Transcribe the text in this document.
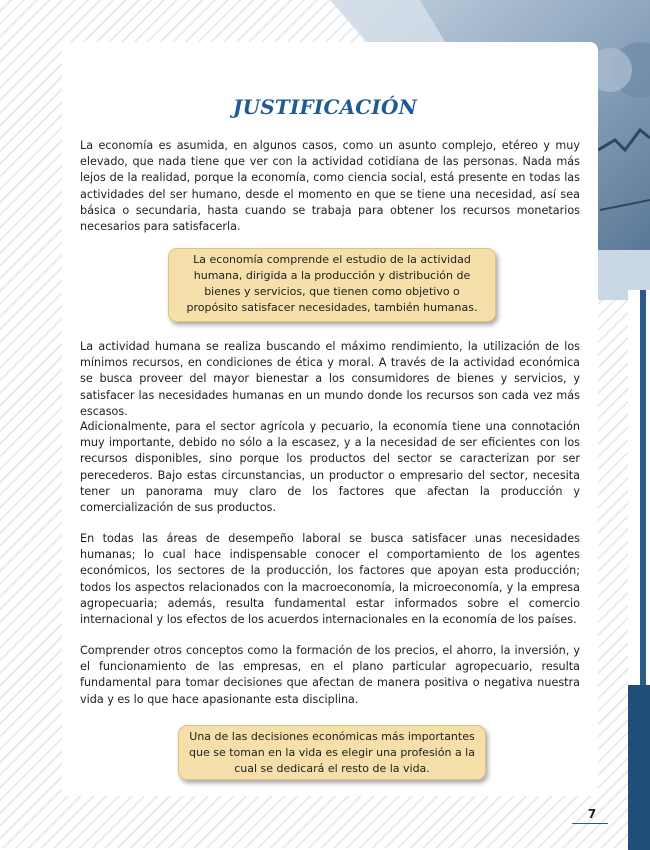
JUSTIFICACIÓN

La economía es asumida, en algunos casos, como un asunto complejo, etéreo y muy elevado, que nada tiene que ver con la actividad cotidiana de las personas. Nada más lejos de la realidad, porque la economía, como ciencia social, está presente en todas las actividades del ser humano, desde el momento en que se tiene una necesidad, así sea básica o secundaria, hasta cuando se trabaja para obtener los recursos monetarios necesarios para satisfacerla.

La economía comprende el estudio de la actividad humana, dirigida a la producción y distribución de bienes y servicios, que tienen como objetivo o propósito satisfacer necesidades, también humanas.

La actividad humana se realiza buscando el máximo rendimiento, la utilización de los mínimos recursos, en condiciones de ética y moral. A través de la actividad económica se busca proveer del mayor bienestar a los consumidores de bienes y servicios, y satisfacer las necesidades humanas en un mundo donde los recursos son cada vez más escasos.

Adicionalmente, para el sector agrícola y pecuario, la economía tiene una connotación muy importante, debido no sólo a la escasez, y a la necesidad de ser eficientes con los recursos disponibles, sino porque los productos del sector se caracterizan por ser perecederos. Bajo estas circunstancias, un productor o empresario del sector, necesita tener un panorama muy claro de los factores que afectan la producción y comercialización de sus productos.

En todas las áreas de desempeño laboral se busca satisfacer unas necesidades humanas; lo cual hace indispensable conocer el comportamiento de los agentes económicos, los sectores de la producción, los factores que apoyan esta producción; todos los aspectos relacionados con la macroeconomía, la microeconomía, y la empresa agropecuaria; además, resulta fundamental estar informados sobre el comercio internacional y los efectos de los acuerdos internacionales en la economía de los países.

Comprender otros conceptos como la formación de los precios, el ahorro, la inversión, y el funcionamiento de las empresas, en el plano particular agropecuario, resulta fundamental para tomar decisiones que afectan de manera positiva o negativa nuestra vida y es lo que hace apasionante esta disciplina.

Una de las decisiones económicas más importantes que se toman en la vida es elegir una profesión a la cual se dedicará el resto de la vida.
7
